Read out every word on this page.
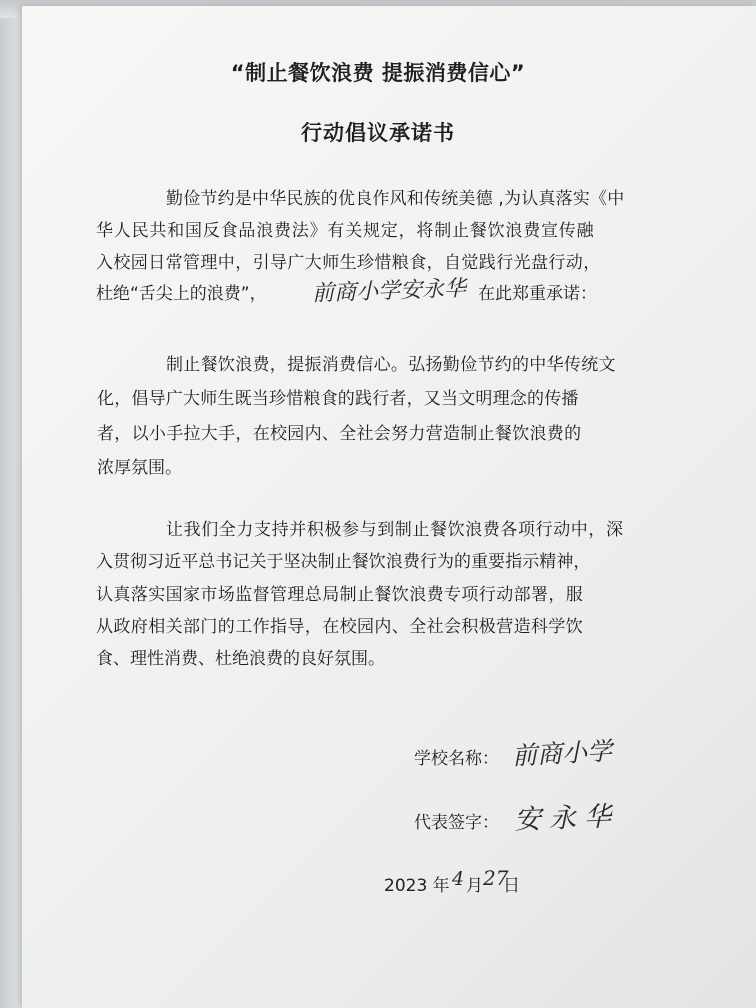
“制止餐饮浪费 提振消费信心”
行动倡议承诺书
勤俭节约是中华民族的优良作风和传统美德 ,为认真落实《中
华人民共和国反食品浪费法》有关规定，将制止餐饮浪费宣传融
入校园日常管理中，引导广大师生珍惜粮食，自觉践行光盘行动，
杜绝“舌尖上的浪费”， 前商小学安永华 在此郑重承诺：
制止餐饮浪费，提振消费信心。弘扬勤俭节约的中华传统文
化，倡导广大师生既当珍惜粮食的践行者，又当文明理念的传播
者，以小手拉大手，在校园内、全社会努力营造制止餐饮浪费的
浓厚氛围。
让我们全力支持并积极参与到制止餐饮浪费各项行动中，深
入贯彻习近平总书记关于坚决制止餐饮浪费行为的重要指示精神，
认真落实国家市场监督管理总局制止餐饮浪费专项行动部署，服
从政府相关部门的工作指导，在校园内、全社会积极营造科学饮
食、理性消费、杜绝浪费的良好氛围。
学校名称： 前商小学
代表签字： 安永华
2023 年 4 月 27
日
